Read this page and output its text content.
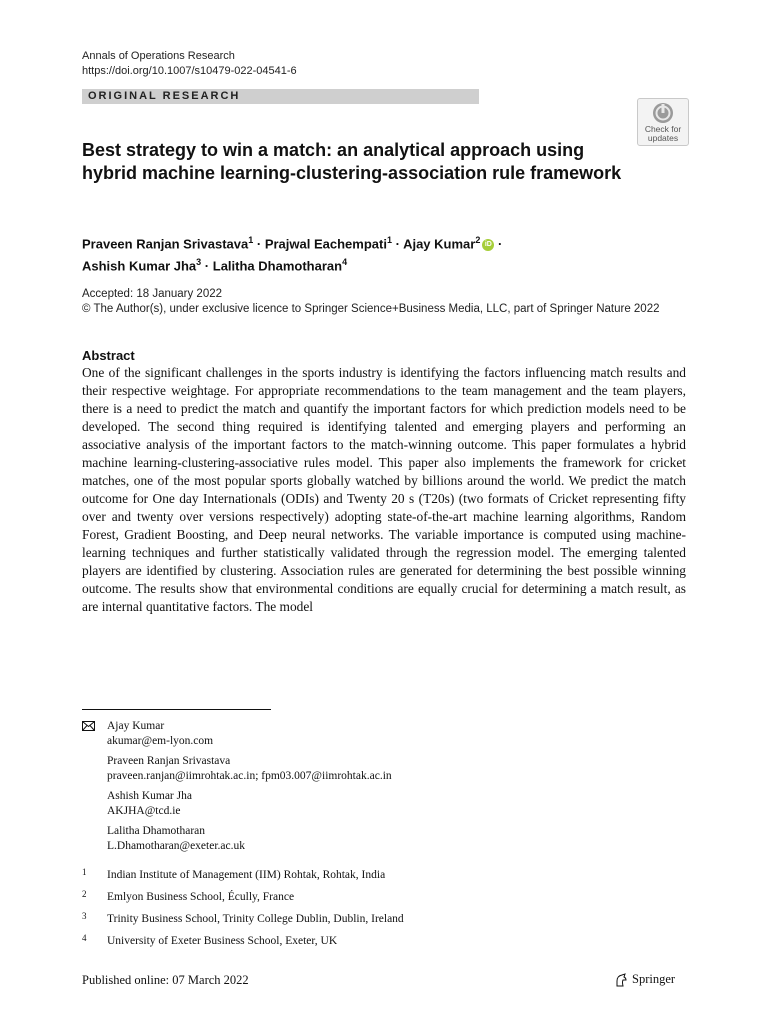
Annals of Operations Research
https://doi.org/10.1007/s10479-022-04541-6
ORIGINAL RESEARCH
Check for
updates
Best strategy to win a match: an analytical approach using hybrid machine learning-clustering-association rule framework
Praveen Ranjan Srivastava$^1$ · Prajwal Eachempati$^1$ · Ajay Kumar$^2$ iD ·
Ashish Kumar Jha$^3$ · Lalitha Dhamotharan$^4$
Accepted: 18 January 2022
© The Author(s), under exclusive licence to Springer Science+Business Media, LLC, part of Springer Nature 2022
Abstract
One of the significant challenges in the sports industry is identifying the factors influencing match results and their respective weightage. For appropriate recommendations to the team management and the team players, there is a need to predict the match and quantify the important factors for which prediction models need to be developed. The second thing required is identifying talented and emerging players and performing an associative analysis of the important factors to the match-winning outcome. This paper formulates a hybrid machine learning-clustering-associative rules model. This paper also implements the framework for cricket matches, one of the most popular sports globally watched by billions around the world. We predict the match outcome for One day Internationals (ODIs) and Twenty 20 s (T20s) (two formats of Cricket representing fifty over and twenty over versions respectively) adopting state-of-the-art machine learning algorithms, Random Forest, Gradient Boosting, and Deep neural networks. The variable importance is computed using machine-learning techniques and further statistically validated through the regression model. The emerging talented players are identified by clustering. Association rules are generated for determining the best possible winning outcome. The results show that environmental conditions are equally crucial for determining a match result, as are internal quantitative factors. The model
Ajay Kumar
akumar@em-lyon.com
Praveen Ranjan Srivastava
praveen.ranjan@iimrohtak.ac.in; fpm03.007@iimrohtak.ac.in
Ashish Kumar Jha
AKJHA@tcd.ie
Lalitha Dhamotharan
L.Dhamotharan@exeter.ac.uk
1 Indian Institute of Management (IIM) Rohtak, Rohtak, India
2 Emlyon Business School, Écully, France
3 Trinity Business School, Trinity College Dublin, Dublin, Ireland
4 University of Exeter Business School, Exeter, UK
Published online: 07 March 2022	Springer
